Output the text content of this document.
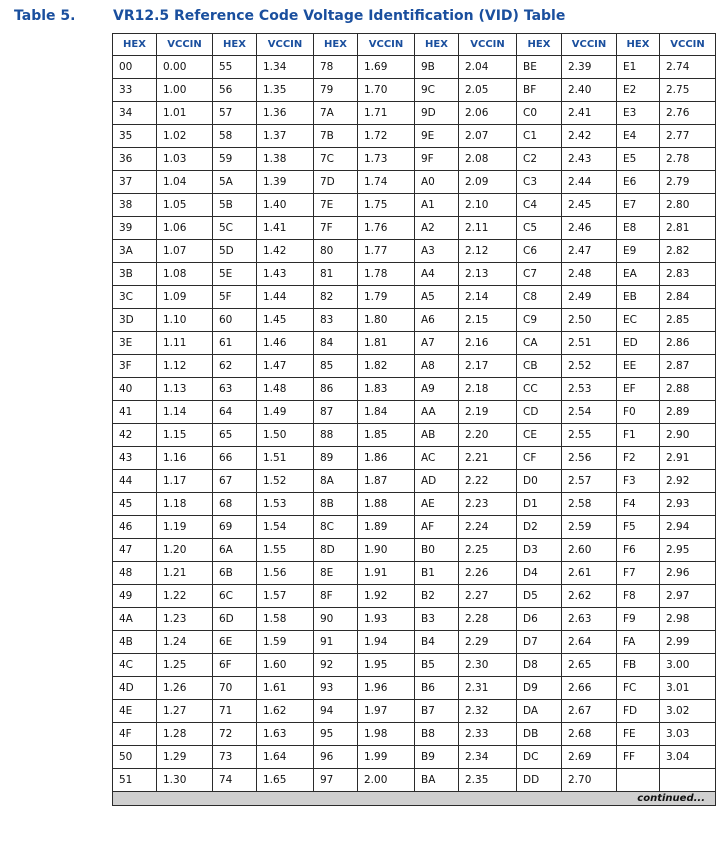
Table 5.	VR12.5 Reference Code Voltage Identification (VID) Table
HEX	VCCIN	HEX	VCCIN	HEX	VCCIN	HEX	VCCIN	HEX	VCCIN	HEX	VCCIN
00	0.00	55	1.34	78	1.69	9B	2.04	BE	2.39	E1	2.74
33	1.00	56	1.35	79	1.70	9C	2.05	BF	2.40	E2	2.75
34	1.01	57	1.36	7A	1.71	9D	2.06	C0	2.41	E3	2.76
35	1.02	58	1.37	7B	1.72	9E	2.07	C1	2.42	E4	2.77
36	1.03	59	1.38	7C	1.73	9F	2.08	C2	2.43	E5	2.78
37	1.04	5A	1.39	7D	1.74	A0	2.09	C3	2.44	E6	2.79
38	1.05	5B	1.40	7E	1.75	A1	2.10	C4	2.45	E7	2.80
39	1.06	5C	1.41	7F	1.76	A2	2.11	C5	2.46	E8	2.81
3A	1.07	5D	1.42	80	1.77	A3	2.12	C6	2.47	E9	2.82
3B	1.08	5E	1.43	81	1.78	A4	2.13	C7	2.48	EA	2.83
3C	1.09	5F	1.44	82	1.79	A5	2.14	C8	2.49	EB	2.84
3D	1.10	60	1.45	83	1.80	A6	2.15	C9	2.50	EC	2.85
3E	1.11	61	1.46	84	1.81	A7	2.16	CA	2.51	ED	2.86
3F	1.12	62	1.47	85	1.82	A8	2.17	CB	2.52	EE	2.87
40	1.13	63	1.48	86	1.83	A9	2.18	CC	2.53	EF	2.88
41	1.14	64	1.49	87	1.84	AA	2.19	CD	2.54	F0	2.89
42	1.15	65	1.50	88	1.85	AB	2.20	CE	2.55	F1	2.90
43	1.16	66	1.51	89	1.86	AC	2.21	CF	2.56	F2	2.91
44	1.17	67	1.52	8A	1.87	AD	2.22	D0	2.57	F3	2.92
45	1.18	68	1.53	8B	1.88	AE	2.23	D1	2.58	F4	2.93
46	1.19	69	1.54	8C	1.89	AF	2.24	D2	2.59	F5	2.94
47	1.20	6A	1.55	8D	1.90	B0	2.25	D3	2.60	F6	2.95
48	1.21	6B	1.56	8E	1.91	B1	2.26	D4	2.61	F7	2.96
49	1.22	6C	1.57	8F	1.92	B2	2.27	D5	2.62	F8	2.97
4A	1.23	6D	1.58	90	1.93	B3	2.28	D6	2.63	F9	2.98
4B	1.24	6E	1.59	91	1.94	B4	2.29	D7	2.64	FA	2.99
4C	1.25	6F	1.60	92	1.95	B5	2.30	D8	2.65	FB	3.00
4D	1.26	70	1.61	93	1.96	B6	2.31	D9	2.66	FC	3.01
4E	1.27	71	1.62	94	1.97	B7	2.32	DA	2.67	FD	3.02
4F	1.28	72	1.63	95	1.98	B8	2.33	DB	2.68	FE	3.03
50	1.29	73	1.64	96	1.99	B9	2.34	DC	2.69	FF	3.04
51	1.30	74	1.65	97	2.00	BA	2.35	DD	2.70		
continued...											
